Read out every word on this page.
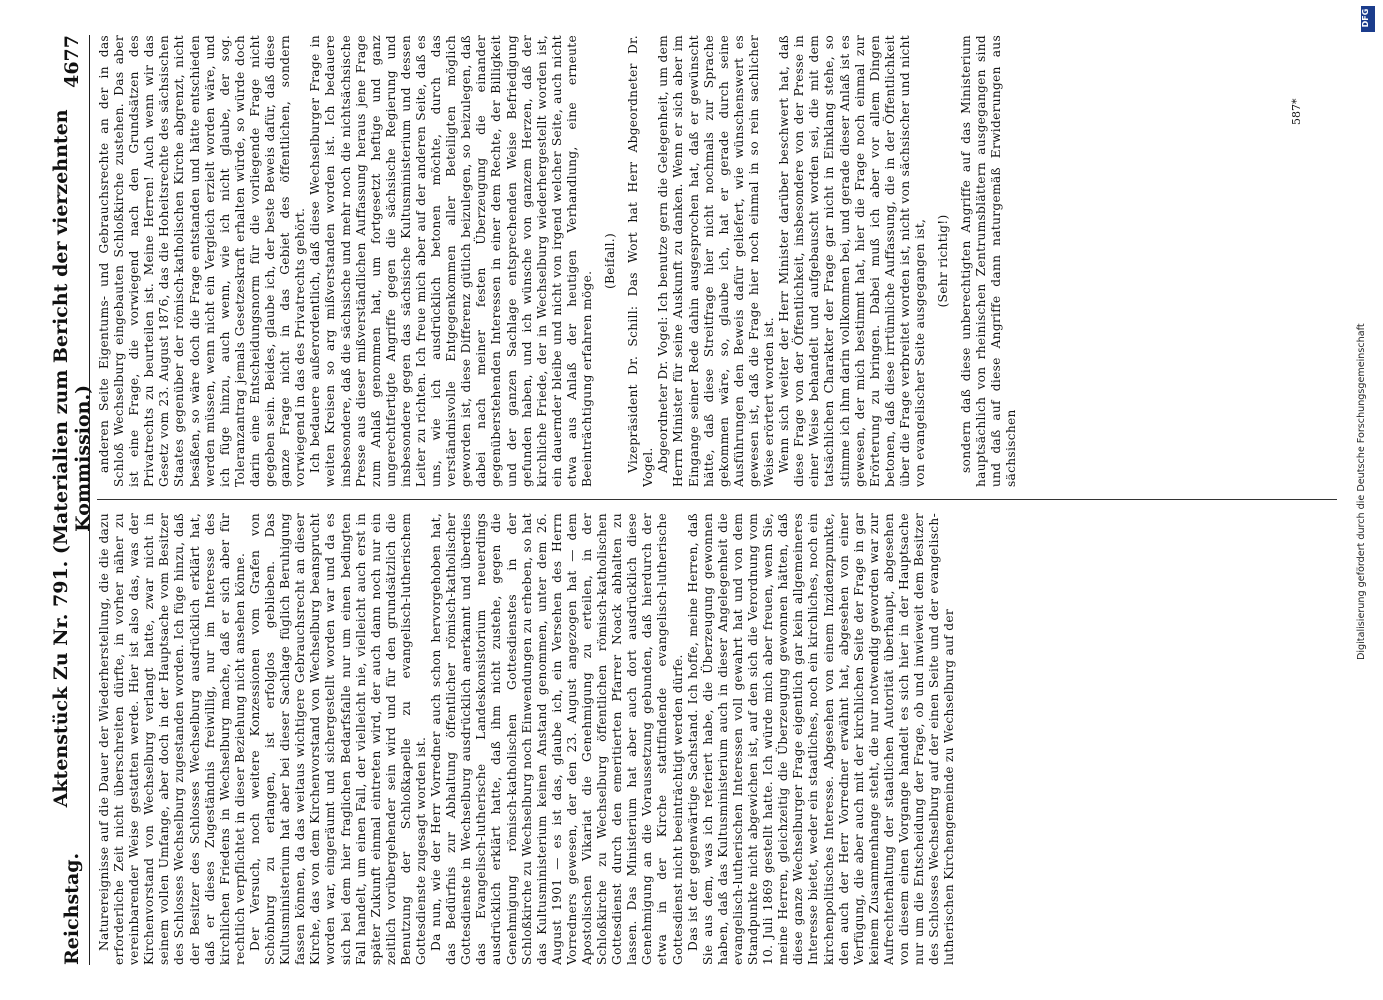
Reichstag.
Aktenstück Zu Nr. 791. (Materialien zum Bericht der vierzehnten Kommission.)
4677

Naturereignisse auf die Dauer der Wiederherstellung, die die dazu erforderliche Zeit nicht überschreiten dürfte, in vorher näher zu vereinbarender Weise gestatten werde. Hier ist also das, was der Kirchenvorstand von Wechselburg verlangt hatte, zwar nicht in seinem vollen Umfange, aber doch in der Hauptsache vom Besitzer des Schlosses Wechselburg zugestanden worden. Ich füge hinzu, daß der Besitzer des Schlosses Wechselburg ausdrücklich erklärt hat, daß er dieses Zugeständnis freiwillig, nur im Interesse des kirchlichen Friedens in Wechselburg mache, daß er sich aber für rechtlich verpflichtet in dieser Beziehung nicht ansehen könne. Der Versuch, noch weitere Konzessionen vom Grafen von Schönburg zu erlangen, ist erfolglos geblieben. Das Kultusministerium hat aber bei dieser Sachlage füglich Beruhigung fassen können, da das weitaus wichtigere Gebrauchsrecht an dieser Kirche, das von dem Kirchenvorstand von Wechselburg beansprucht worden war, eingeräumt und sichergestellt worden war und da es sich bei dem hier fraglichen Bedarfsfalle nur um einen bedingten Fall handelt, um einen Fall, der vielleicht nie, vielleicht auch erst in später Zukunft einmal eintreten wird, der auch dann noch nur ein zeitlich vorübergehender sein wird und für den grundsätzlich die Benutzung der Schloßkapelle zu evangelisch-lutherischem Gottesdienste zugesagt worden ist. Da nun, wie der Herr Vorredner auch schon hervorgehoben hat, das Bedürfnis zur Abhaltung öffentlicher römisch-katholischer Gottesdienste in Wechselburg ausdrücklich anerkannt und überdies das Evangelisch-lutherische Landeskonsistorium neuerdings ausdrücklich erklärt hatte, daß ihm nicht zustehe, gegen die Genehmigung römisch-katholischen Gottesdienstes in der Schloßkirche zu Wechselburg noch Einwendungen zu erheben, so hat das Kultusministerium keinen Anstand genommen, unter dem 26. August 1901 — es ist das, glaube ich, ein Versehen des Herrn Vorredners gewesen, der den 23. August angezogen hat — dem Apostolischen Vikariat die Genehmigung zu erteilen, in der Schloßkirche zu Wechselburg öffentlichen römisch-katholischen Gottesdienst durch den emeritierten Pfarrer Noack abhalten zu lassen. Das Ministerium hat aber auch dort ausdrücklich diese Genehmigung an die Voraussetzung gebunden, daß hierdurch der etwa in der Kirche stattfindende evangelisch-lutherische Gottesdienst nicht beeinträchtigt werden dürfe. Das ist der gegenwärtige Sachstand. Ich hoffe, meine Herren, daß Sie aus dem, was ich referiert habe, die Überzeugung gewonnen haben, daß das Kultusministerium auch in dieser Angelegenheit die evangelisch-lutherischen Interessen voll gewahrt hat und von dem Standpunkte nicht abgewichen ist, auf den sich die Verordnung vom 10. Juli 1869 gestellt hatte. Ich würde mich aber freuen, wenn Sie, meine Herren, gleichzeitig die Überzeugung gewonnen hätten, daß diese ganze Wechselburger Frage eigentlich gar kein allgemeineres Interesse bietet, weder ein staatliches, noch ein kirchliches, noch ein kirchenpolitisches Interesse. Abgesehen von einem Inzidenzpunkte, den auch der Herr Vorredner erwähnt hat, abgesehen von einer Verfügung, die aber auch mit der kirchlichen Seite der Frage in gar keinem Zusammenhange steht, die nur notwendig geworden war zur Aufrechterhaltung der staatlichen Autorität überhaupt, abgesehen von diesem einen Vorgange handelt es sich hier in der Hauptsache nur um die Entscheidung der Frage, ob und inwieweit dem Besitzer des Schlosses Wechselburg auf der einen Seite und der evangelisch-lutherischen Kirchengemeinde zu Wechselburg auf der

anderen Seite Eigentums- und Gebrauchsrechte an der in das Schloß Wechselburg eingebauten Schloßkirche zustehen. Das aber ist eine Frage, die vorwiegend nach den Grundsätzen des Privatrechts zu beurteilen ist. Meine Herren! Auch wenn wir das Gesetz vom 23. August 1876, das die Hoheitsrechte des sächsischen Staates gegenüber der römisch-katholischen Kirche abgrenzt, nicht besäßen, so wäre doch die Frage entstanden und hätte entschieden werden müssen, wenn nicht ein Vergleich erzielt worden wäre, und ich füge hinzu, auch wenn, wie ich nicht glaube, der sog. Toleranzantrag jemals Gesetzeskraft erhalten würde, so würde doch darin eine Entscheidungsnorm für die vorliegende Frage nicht gegeben sein. Beides, glaube ich, der beste Beweis dafür, daß diese ganze Frage nicht in das Gebiet des öffentlichen, sondern vorwiegend in das des Privatrechts gehört. Ich bedauere außerordentlich, daß diese Wechselburger Frage in weiten Kreisen so arg mißverstanden worden ist. Ich bedauere insbesondere, daß die sächsische und mehr noch die nichtsächsische Presse aus dieser mißverständlichen Auffassung heraus jene Frage zum Anlaß genommen hat, um fortgesetzt heftige und ganz ungerechtfertigte Angriffe gegen die sächsische Regierung und insbesondere gegen das sächsische Kultusministerium und dessen Leiter zu richten. Ich freue mich aber auf der anderen Seite, daß es uns, wie ich ausdrücklich betonen möchte, durch das verständnisvolle Entgegenkommen aller Beteiligten möglich geworden ist, diese Differenz gütlich beizulegen, so beizulegen, daß dabei nach meiner festen Überzeugung die einander gegenüberstehenden Interessen in einer dem Rechte, der Billigkeit und der ganzen Sachlage entsprechenden Weise Befriedigung gefunden haben, und ich wünsche von ganzem Herzen, daß der kirchliche Friede, der in Wechselburg wiederhergestellt worden ist, ein dauernder bleibe und nicht von irgend welcher Seite, auch nicht etwa aus Anlaß der heutigen Verhandlung, eine erneute Beeinträchtigung erfahren möge.

(Beifall.) Vizepräsident Dr. Schill: Das Wort hat Herr Abgeordneter Dr. Vogel. Abgeordneter Dr. Vogel: Ich benutze gern die Gelegenheit, um dem Herrn Minister für seine Auskunft zu danken. Wenn er sich aber im Eingange seiner Rede dahin ausgesprochen hat, daß er gewünscht hätte, daß diese Streitfrage hier nicht nochmals zur Sprache gekommen wäre, so, glaube ich, hat er gerade durch seine Ausführungen den Beweis dafür geliefert, wie wünschenswert es gewesen ist, daß die Frage hier noch einmal in so rein sachlicher Weise erörtert worden ist. Wenn sich weiter der Herr Minister darüber beschwert hat, daß diese Frage von der Öffentlichkeit, insbesondere von der Presse in einer Weise behandelt und aufgebauscht worden sei, die mit dem tatsächlichen Charakter der Frage gar nicht in Einklang stehe, so stimme ich ihm darin vollkommen bei, und gerade dieser Anlaß ist es gewesen, der mich bestimmt hat, hier die Frage noch einmal zur Erörterung zu bringen. Dabei muß ich aber vor allem Dingen betonen, daß diese irrtümliche Auffassung, die in der Öffentlichkeit über die Frage verbreitet worden ist, nicht von sächsischer und nicht von evangelischer Seite ausgegangen ist, (Sehr richtig!) sondern daß diese unberechtigten Angriffe auf das Ministerium hauptsächlich von rheinischen Zentrumsblättern ausgegangen sind und daß auf diese Angriffe dann naturgemäß Erwiderungen aus sächsischen

587*
DFG
Digitalisierung gefördert durch die Deutsche Forschungsgemeinschaft
